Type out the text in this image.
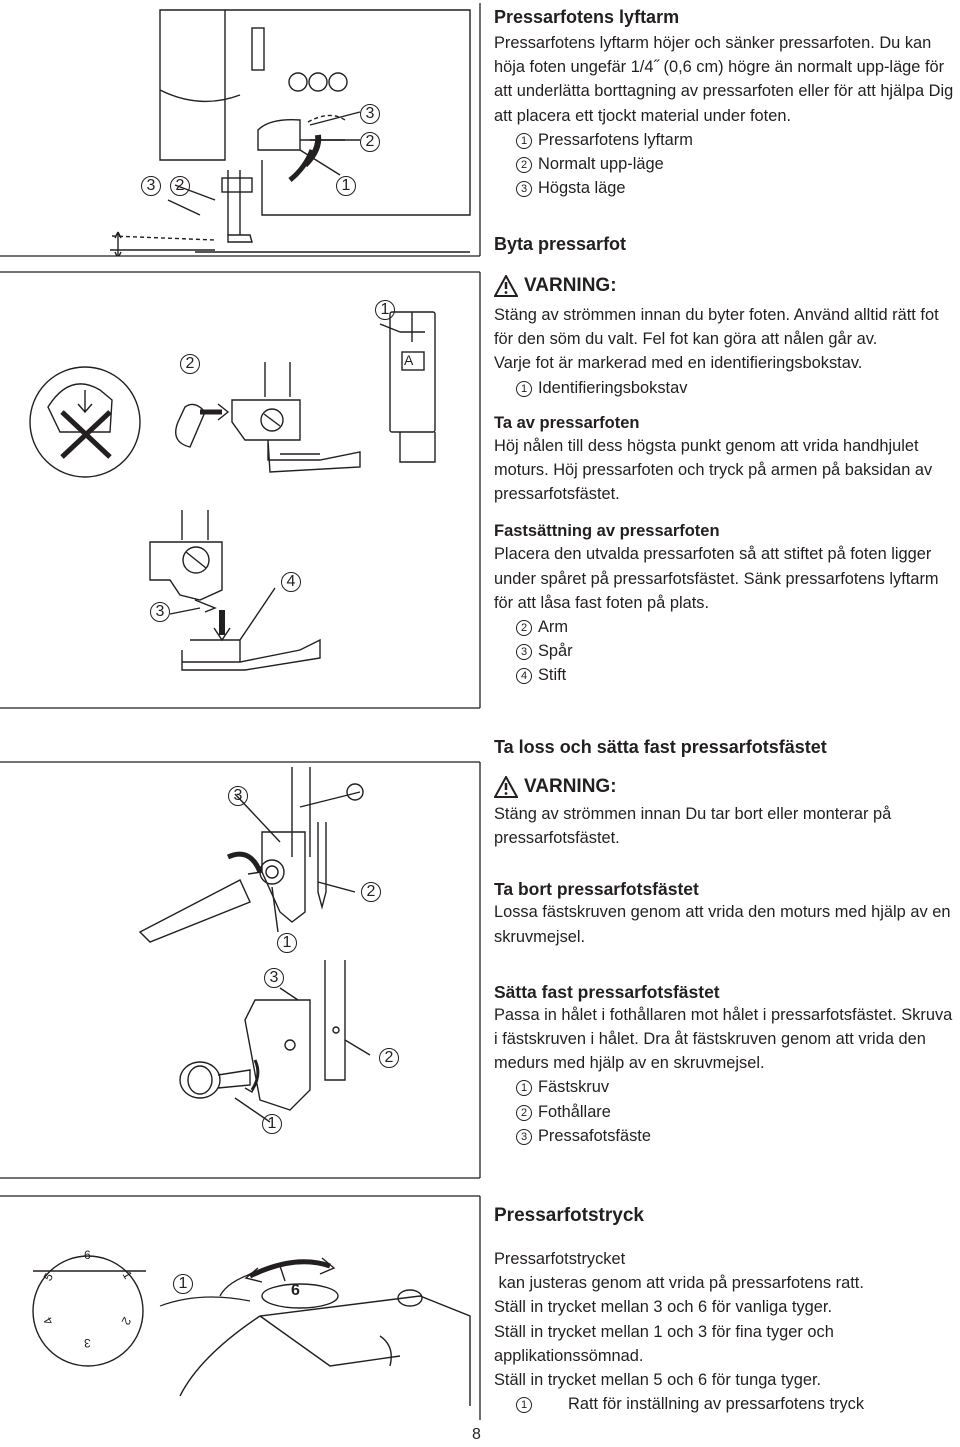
3	2	1
3
2
1
2	A
3
4
3
2
1
3
2
1
6
5	1
4	2
3
1	6

Pressarfotens lyftarm

Pressarfotens lyftarm höjer och sänker pressarfoten. Du kan höja foten ungefär 1/4˝ (0,6 cm) högre än normalt upp-läge för att underlätta borttagning av pressarfoten eller för att hjälpa Dig att placera ett tjockt material under foten.

1 Pressarfotens lyftarm

2 Normalt upp-läge

3 Högsta läge

Byta pressarfot

VARNING:

Stäng av strömmen innan du byter foten. Använd alltid rätt fot för den söm du valt. Fel fot kan göra att nålen går av.

Varje fot är markerad med en identifieringsbokstav.

1 Identifieringsbokstav

Ta av pressarfoten

Höj nålen till dess högsta punkt genom att vrida handhjulet moturs. Höj pressarfoten och tryck på armen på baksidan av pressarfotsfästet.

Fastsättning av pressarfoten

Placera den utvalda pressarfoten så att stiftet på foten ligger under spåret på pressarfotsfästet. Sänk pressarfotens lyftarm för att låsa fast foten på plats.

2 Arm

3 Spår

4 Stift

Ta loss och sätta fast pressarfotsfästet

VARNING:

Stäng av strömmen innan Du tar bort eller monterar på pressarfotsfästet.

Ta bort pressarfotsfästet

Lossa fästskruven genom att vrida den moturs med hjälp av en skruvmejsel.

Sätta fast pressarfotsfästet

Passa in hålet i fothållaren mot hålet i pressarfotsfästet. Skruva i fästskruven i hålet. Dra åt fästskruven genom att vrida den medurs med hjälp av en skruvmejsel.

1 Fästskruv

2 Fothållare

3 Pressafotsfäste

Pressarfotstryck

Pressarfotstrycket

kan justeras genom att vrida på pressarfotens ratt.

Ställ in trycket mellan 3 och 6 för vanliga tyger.

Ställ in trycket mellan 1 och 3 för fina tyger och applikationssömnad.

Ställ in trycket mellan 5 och 6 för tunga tyger.

1 Ratt för inställning av pressarfotens tryck

8
